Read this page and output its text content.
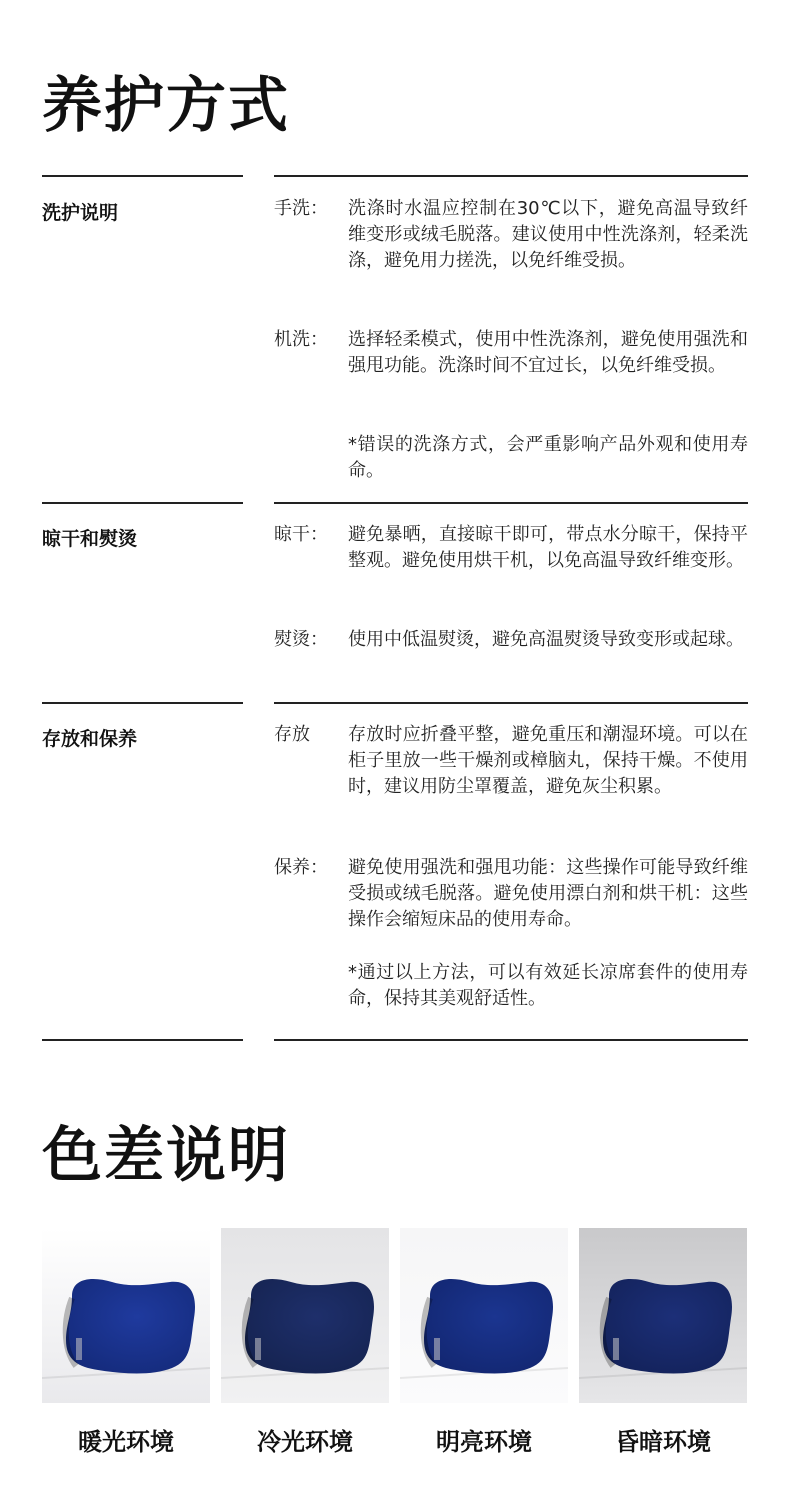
养护方式
洗护说明	手洗： 洗涤时水温应控制在30℃以下，避免高温导致纤维变形或绒毛脱落。建议使用中性洗涤剂，轻柔洗涤，避免用力搓洗，以免纤维受损。
机洗： 选择轻柔模式，使用中性洗涤剂，避免使用强洗和强甩功能。洗涤时间不宜过长，以免纤维受损。
*错误的洗涤方式，会严重影响产品外观和使用寿命。
晾干和熨烫	晾干： 避免暴晒，直接晾干即可，带点水分晾干，保持平整观。避免使用烘干机，以免高温导致纤维变形。
熨烫： 使用中低温熨烫，避免高温熨烫导致变形或起球。
存放和保养	存放 存放时应折叠平整，避免重压和潮湿环境。可以在柜子里放一些干燥剂或樟脑丸，保持干燥。不使用时，建议用防尘罩覆盖，避免灰尘积累。
保养： 避免使用强洗和强甩功能：这些操作可能导致纤维受损或绒毛脱落。避免使用漂白剂和烘干机：这些操作会缩短床品的使用寿命。
*通过以上方法，可以有效延长凉席套件的使用寿命，保持其美观舒适性。
色差说明
暖光环境	冷光环境	明亮环境	昏暗环境
